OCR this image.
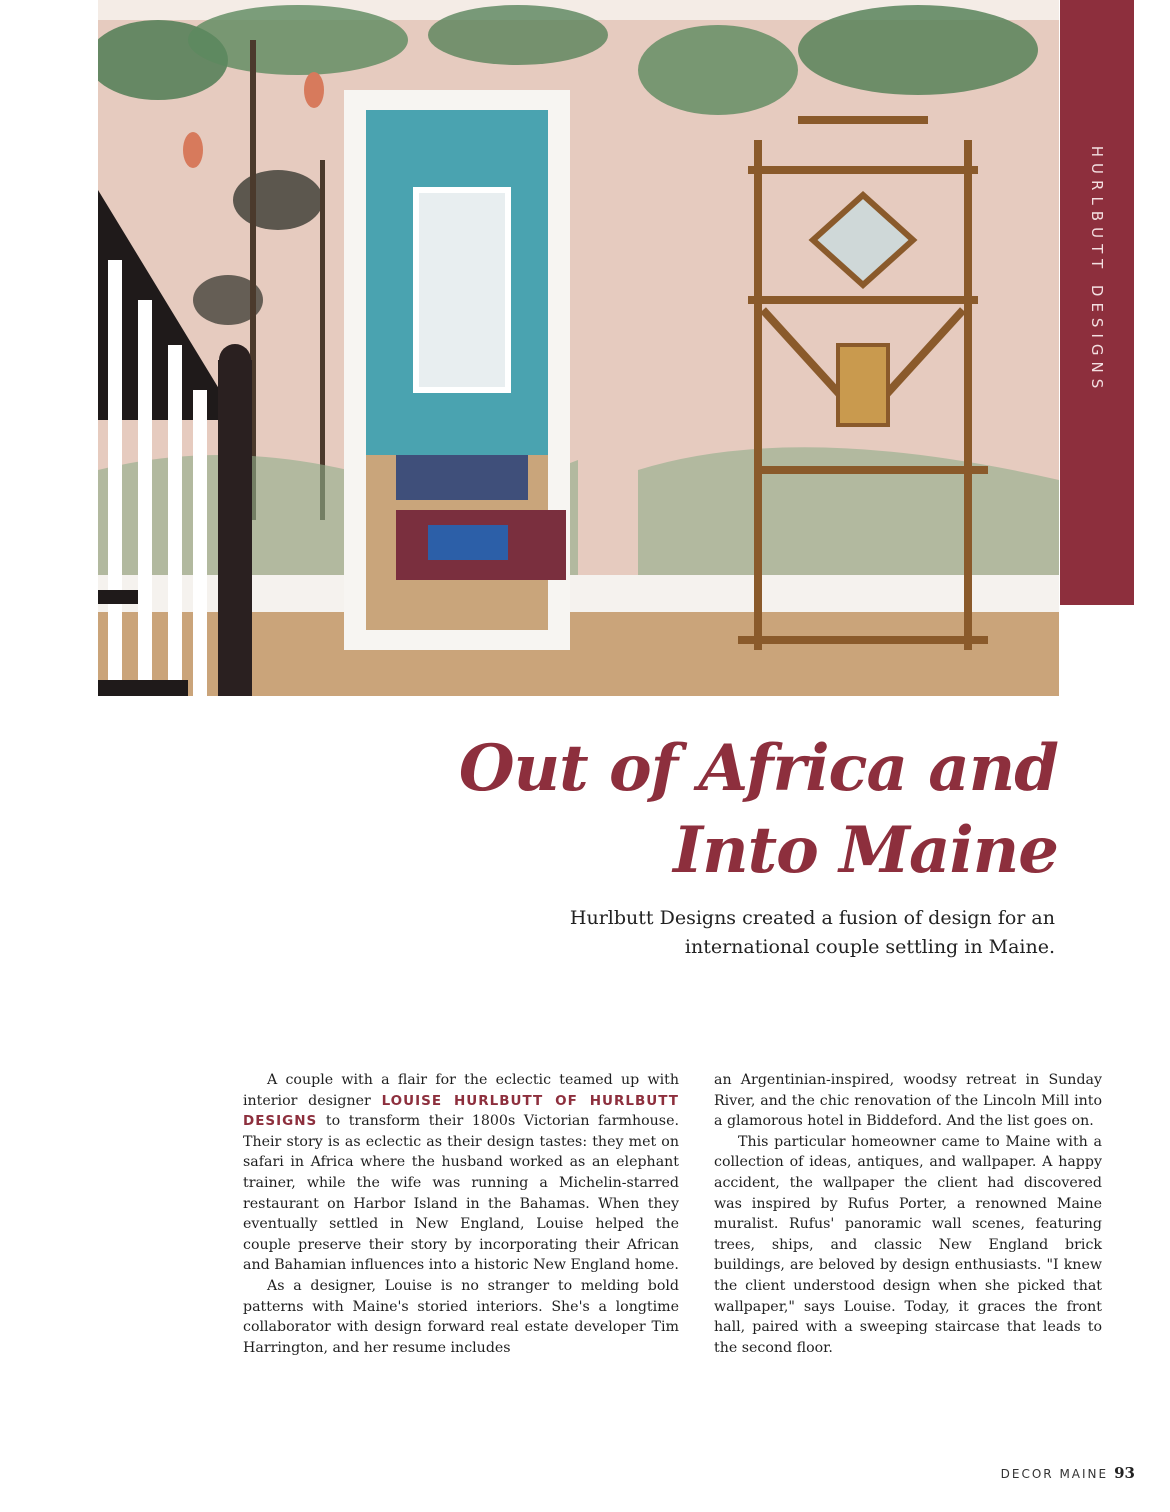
HURLBUTT DESIGNS
Out of Africa and
Into Maine

Hurlbutt Designs created a fusion of design for an
international couple settling in Maine.

A couple with a flair for the eclectic teamed up with interior designer LOUISE HURLBUTT OF HURLBUTT DESIGNS to transform their 1800s Victorian farmhouse. Their story is as eclectic as their design tastes: they met on safari in Africa where the husband worked as an elephant trainer, while the wife was running a Michelin-starred restaurant on Harbor Island in the Bahamas. When they eventually settled in New England, Louise helped the couple preserve their story by incorporating their African and Bahamian influences into a historic New England home.

As a designer, Louise is no stranger to melding bold patterns with Maine's storied interiors. She's a longtime collaborator with design forward real estate developer Tim Harrington, and her resume includes

an Argentinian-inspired, woodsy retreat in Sunday River, and the chic renovation of the Lincoln Mill into a glamorous hotel in Biddeford. And the list goes on.

This particular homeowner came to Maine with a collection of ideas, antiques, and wallpaper. A happy accident, the wallpaper the client had discovered was inspired by Rufus Porter, a renowned Maine muralist. Rufus' panoramic wall scenes, featuring trees, ships, and classic New England brick buildings, are beloved by design enthusiasts. "I knew the client understood design when she picked that wallpaper," says Louise. Today, it graces the front hall, paired with a sweeping staircase that leads to the second floor.

DECOR MAINE 93
